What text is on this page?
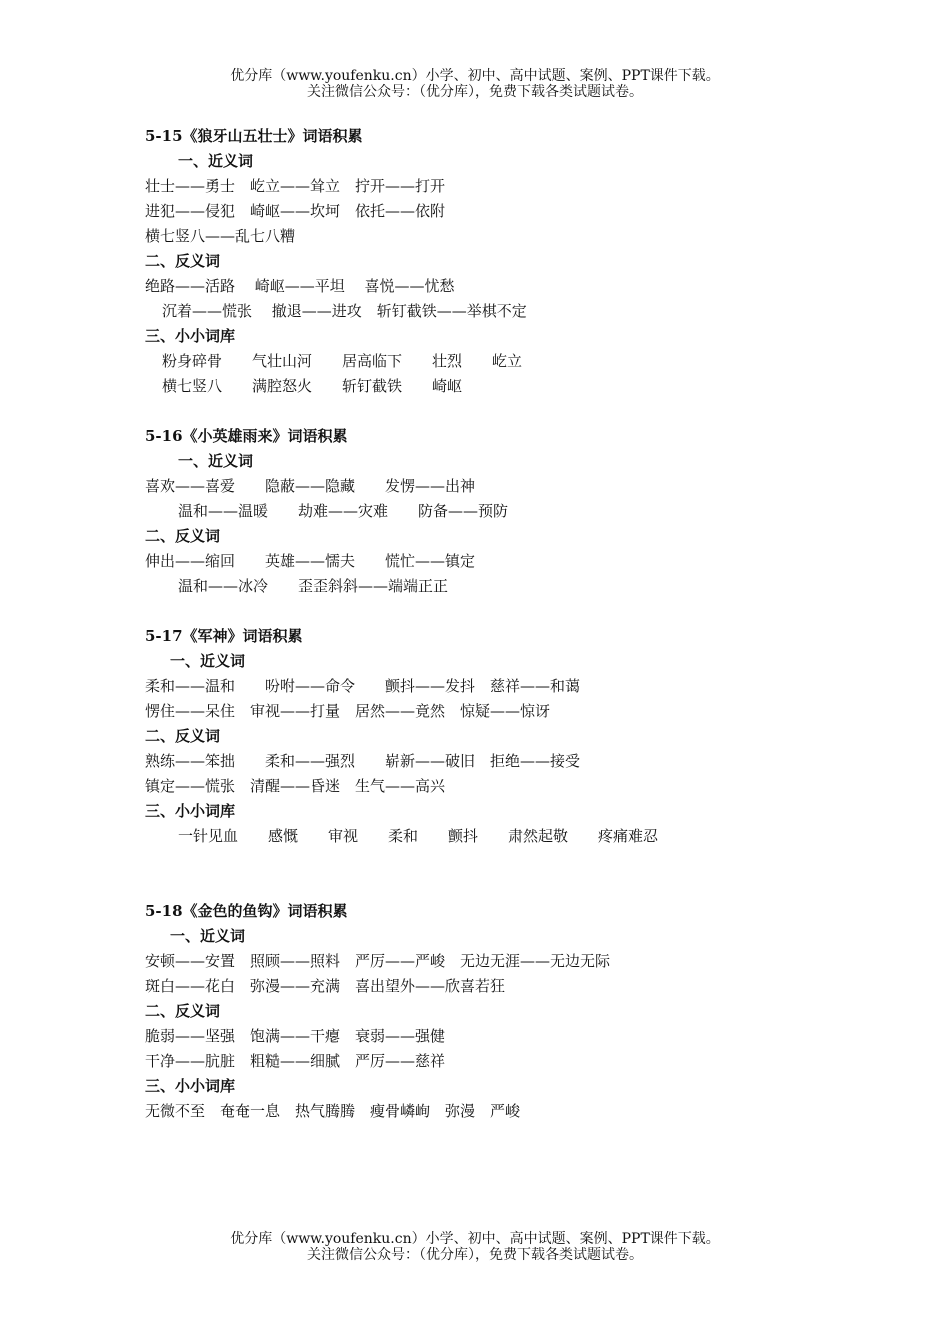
优分库（www.youfenku.cn）小学、初中、高中试题、案例、PPT课件下载。
关注微信公众号：（优分库），免费下载各类试题试卷。
5-15《狼牙山五壮士》词语积累
一、近义词
壮士——勇士　屹立——耸立　拧开——打开
进犯——侵犯　崎岖——坎坷　依托——依附
横七竖八——乱七八糟
二、反义词
绝路——活路　 崎岖——平坦　 喜悦——忧愁
沉着——慌张　 撤退——进攻　斩钉截铁——举棋不定
三、小小词库
粉身碎骨　　气壮山河　　居高临下　　壮烈　　屹立
横七竖八　　满腔怒火　　斩钉截铁　　崎岖
5-16《小英雄雨来》词语积累
一、近义词
喜欢——喜爱　　隐蔽——隐藏　　发愣——出神
温和——温暖　　劫难——灾难　　防备——预防
二、反义词
伸出——缩回　　英雄——懦夫　　慌忙——镇定
温和——冰冷　　歪歪斜斜——端端正正
5-17《军神》词语积累
一、近义词
柔和——温和　　吩咐——命令　　颤抖——发抖　慈祥——和蔼
愣住——呆住　审视——打量　居然——竟然　惊疑——惊讶
二、反义词
熟练——笨拙　　柔和——强烈　　崭新——破旧　拒绝——接受
镇定——慌张　清醒——昏迷　生气——高兴
三、小小词库
一针见血　　感慨　　审视　　柔和　　颤抖　　肃然起敬　　疼痛难忍
5-18《金色的鱼钩》词语积累
一、近义词
安顿——安置　照顾——照料　严厉——严峻　无边无涯——无边无际
斑白——花白　弥漫——充满　喜出望外——欣喜若狂
二、反义词
脆弱——坚强　饱满——干瘪　衰弱——强健
干净——肮脏　粗糙——细腻　严厉——慈祥
三、小小词库
无微不至　奄奄一息　热气腾腾　瘦骨嶙峋　弥漫　严峻
优分库（www.youfenku.cn）小学、初中、高中试题、案例、PPT课件下载。
关注微信公众号：（优分库），免费下载各类试题试卷。
